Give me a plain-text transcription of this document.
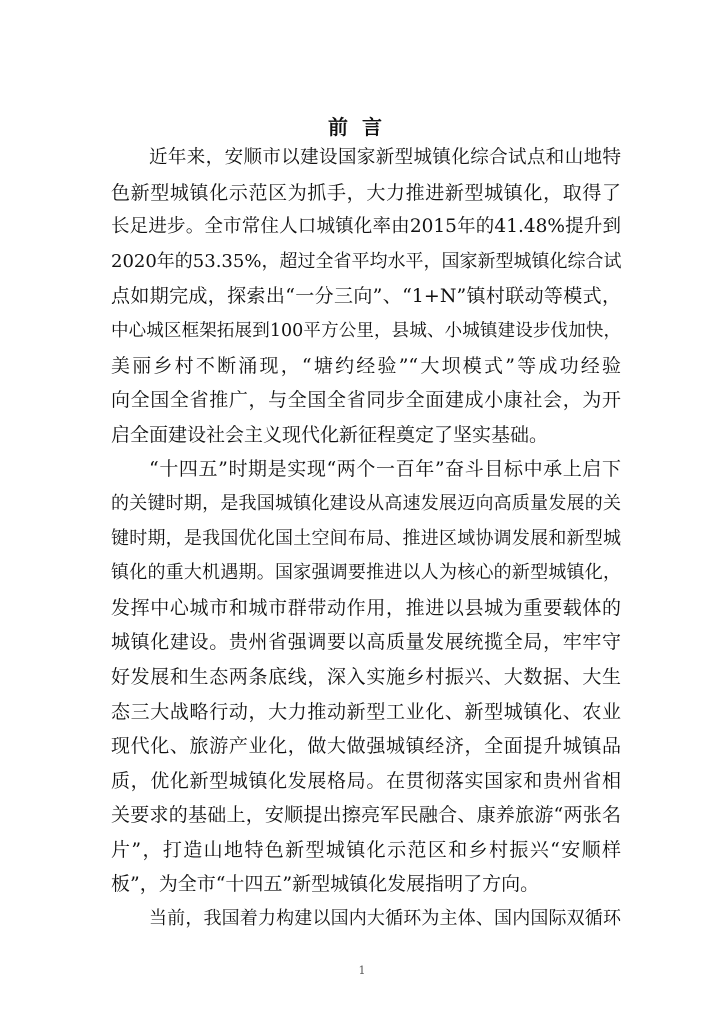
前言
近年来，安顺市以建设国家新型城镇化综合试点和山地特
色新型城镇化示范区为抓手，大力推进新型城镇化，取得了
长足进步。全市常住人口城镇化率由2015年的41.48%提升到
2020年的53.35%，超过全省平均水平，国家新型城镇化综合试
点如期完成，探索出“一分三向”、“1+N”镇村联动等模式，
中心城区框架拓展到100平方公里，县城、小城镇建设步伐加快，
美丽乡村不断涌现，“塘约经验”“大坝模式”等成功经验
向全国全省推广，与全国全省同步全面建成小康社会，为开
启全面建设社会主义现代化新征程奠定了坚实基础。
“十四五”时期是实现“两个一百年”奋斗目标中承上启下
的关键时期，是我国城镇化建设从高速发展迈向高质量发展的关
键时期，是我国优化国土空间布局、推进区域协调发展和新型城
镇化的重大机遇期。国家强调要推进以人为核心的新型城镇化，
发挥中心城市和城市群带动作用，推进以县城为重要载体的
城镇化建设。贵州省强调要以高质量发展统揽全局，牢牢守
好发展和生态两条底线，深入实施乡村振兴、大数据、大生
态三大战略行动，大力推动新型工业化、新型城镇化、农业
现代化、旅游产业化，做大做强城镇经济，全面提升城镇品
质，优化新型城镇化发展格局。在贯彻落实国家和贵州省相
关要求的基础上，安顺提出擦亮军民融合、康养旅游“两张名
片”，打造山地特色新型城镇化示范区和乡村振兴“安顺样
板”，为全市“十四五”新型城镇化发展指明了方向。
当前，我国着力构建以国内大循环为主体、国内国际双循环
1
